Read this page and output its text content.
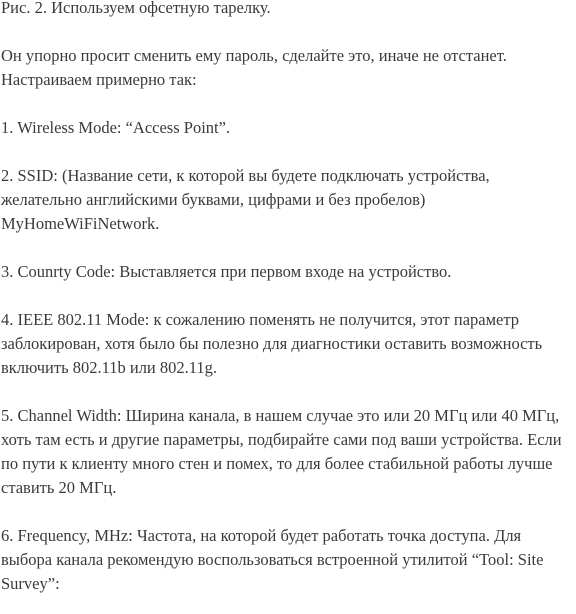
Рис. 2. Используем офсетную тарелку.

Он упорно просит сменить ему пароль, сделайте это, иначе не отстанет. Настраиваем примерно так:

1. Wireless Mode: “Access Point”.

2. SSID: (Название сети, к которой вы будете подключать устройства, желательно английскими буквами, цифрами и без пробелов) MyHomeWiFiNetwork.

3. Counrty Code: Выставляется при первом входе на устройство.

4. IEEE 802.11 Mode: к сожалению поменять не получится, этот параметр заблокирован, хотя было бы полезно для диагностики оставить возможность включить 802.11b или 802.11g.

5. Channel Width: Ширина канала, в нашем случае это или 20 МГц или 40 МГц, хоть там есть и другие параметры, подбирайте сами под ваши устройства. Если по пути к клиенту много стен и помех, то для более стабильной работы лучше ставить 20 МГц.

6. Frequency, MHz: Частота, на которой будет работать точка доступа. Для выбора канала рекомендую воспользоваться встроенной утилитой “Tool: Site Survey”:
